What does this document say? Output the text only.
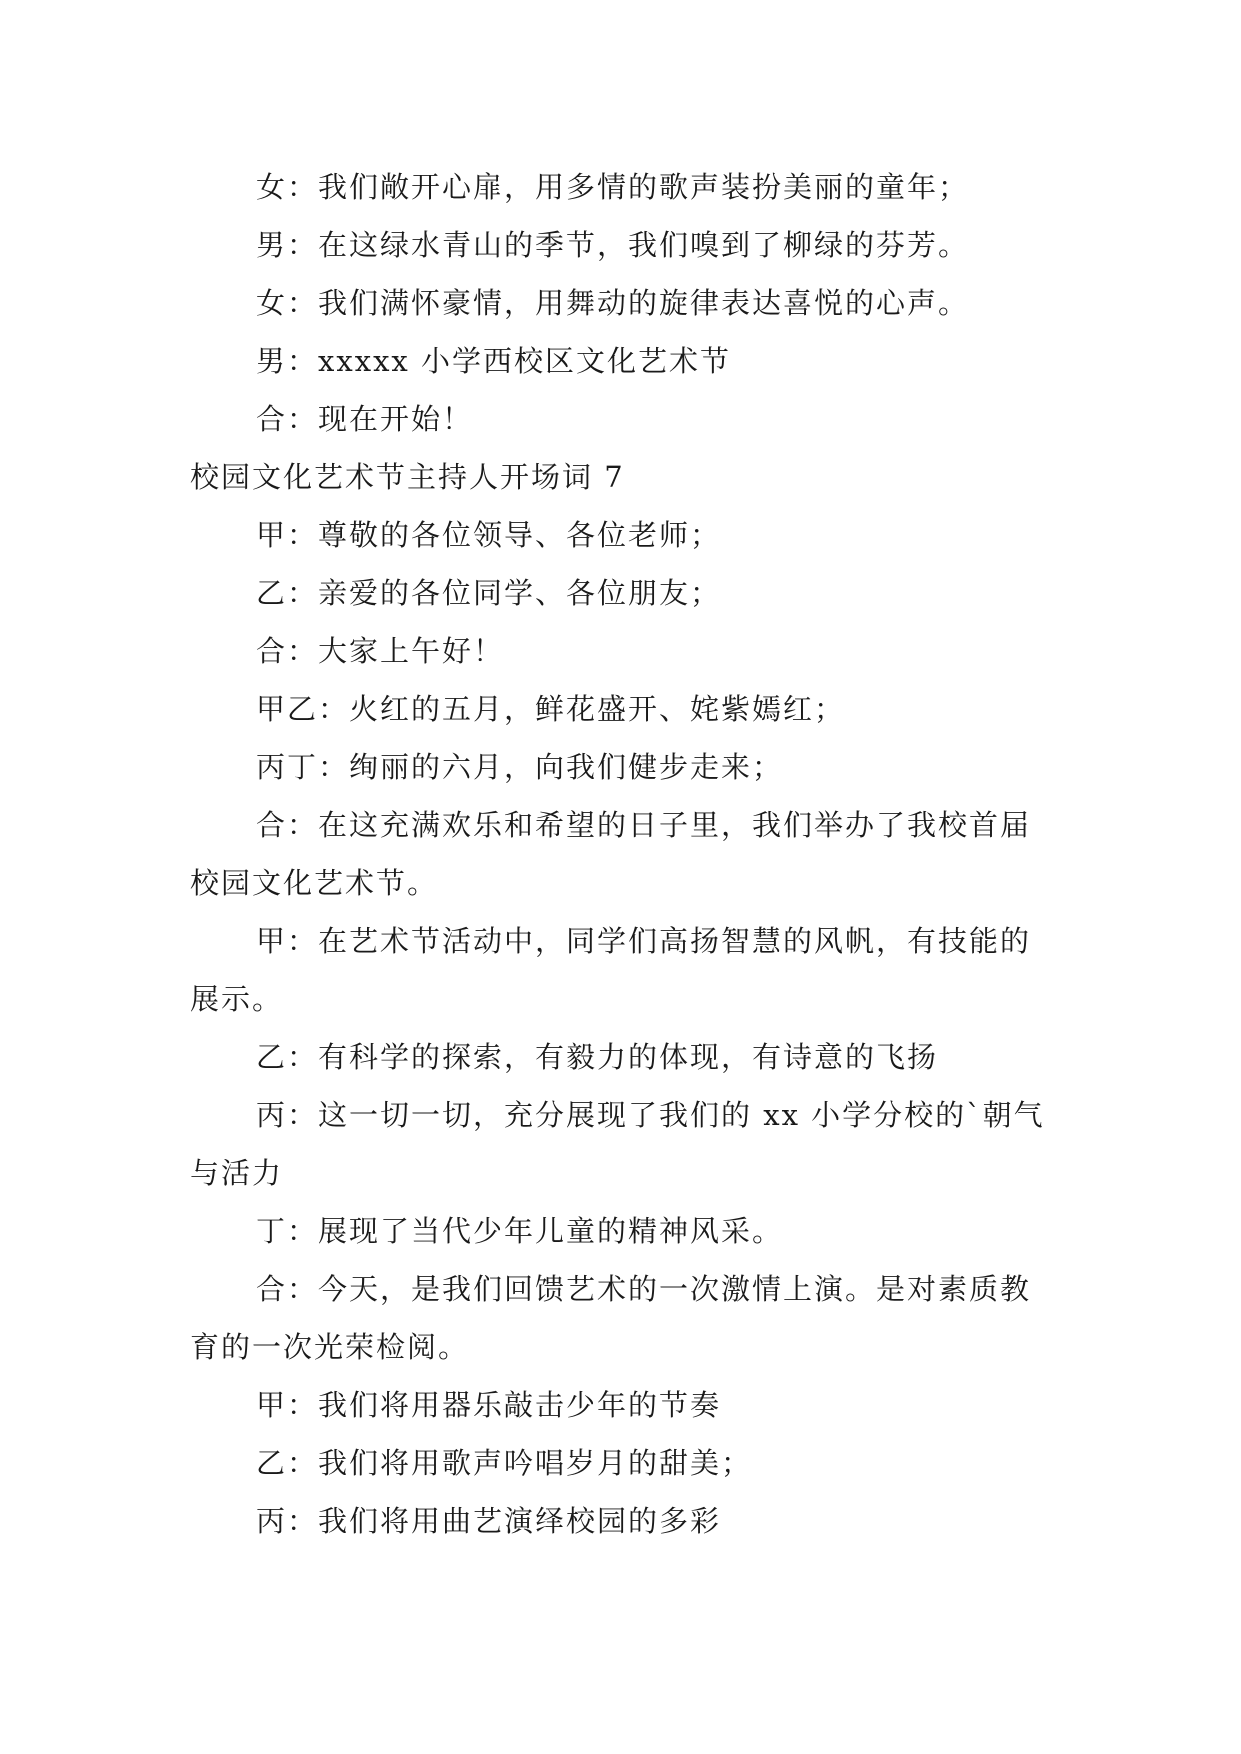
女：我们敞开心扉，用多情的歌声装扮美丽的童年；

男：在这绿水青山的季节，我们嗅到了柳绿的芬芳。

女：我们满怀豪情，用舞动的旋律表达喜悦的心声。

男：xxxxx 小学西校区文化艺术节

合：现在开始！

校园文化艺术节主持人开场词 7

甲：尊敬的各位领导、各位老师；

乙：亲爱的各位同学、各位朋友；

合：大家上午好！

甲乙：火红的五月，鲜花盛开、姹紫嫣红；

丙丁：绚丽的六月，向我们健步走来；

合：在这充满欢乐和希望的日子里，我们举办了我校首届校园文化艺术节。

甲：在艺术节活动中，同学们高扬智慧的风帆，有技能的展示。

乙：有科学的探索，有毅力的体现，有诗意的飞扬

丙：这一切一切，充分展现了我们的 xx 小学分校的`朝气与活力

丁：展现了当代少年儿童的精神风采。

合：今天，是我们回馈艺术的一次激情上演。是对素质教育的一次光荣检阅。

甲：我们将用器乐敲击少年的节奏

乙：我们将用歌声吟唱岁月的甜美；

丙：我们将用曲艺演绎校园的多彩
